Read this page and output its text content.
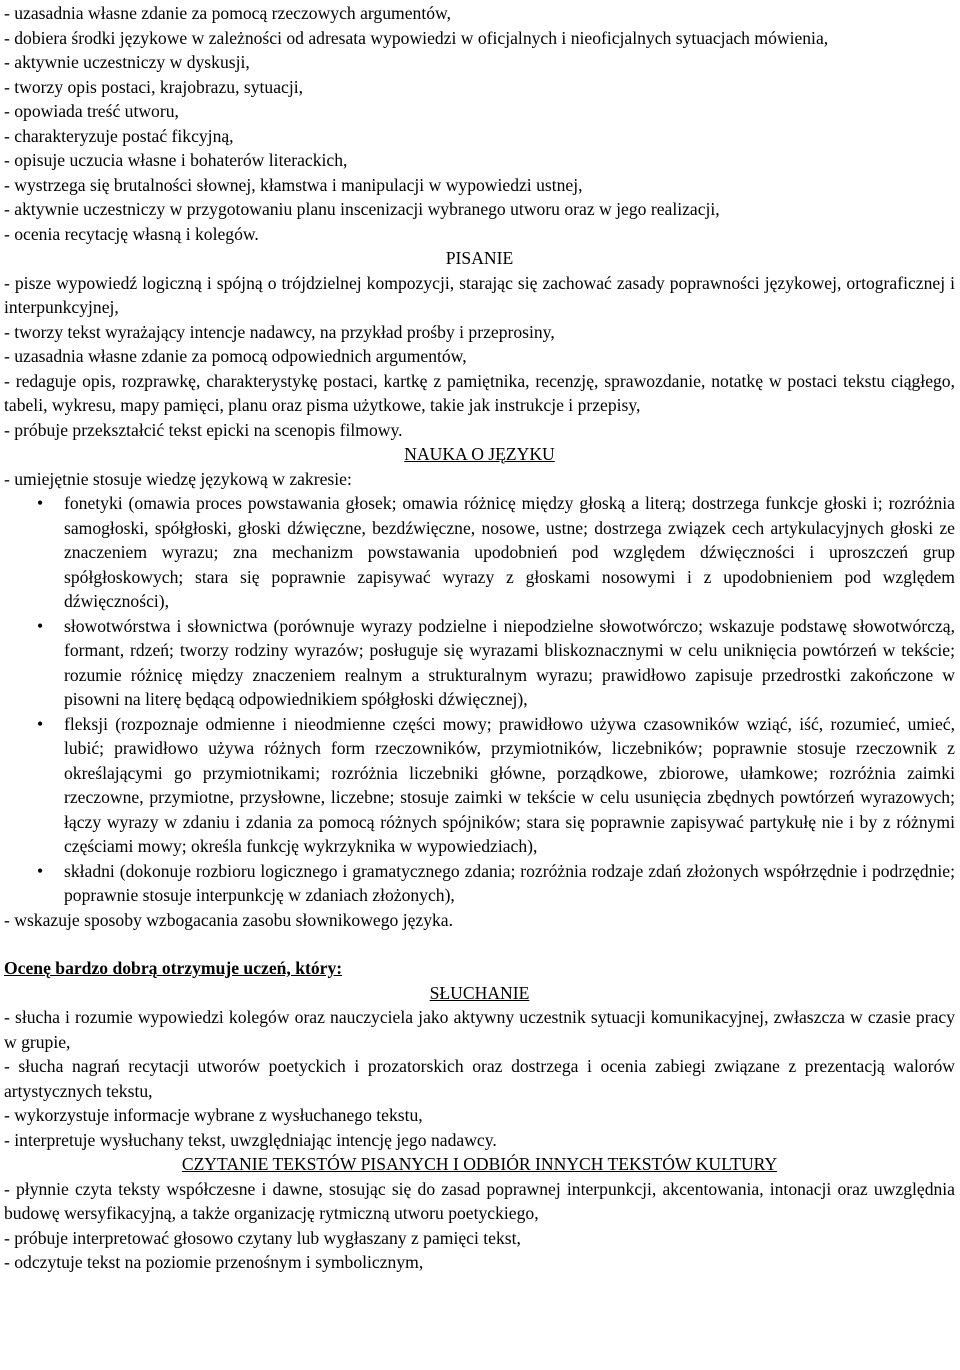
- uzasadnia własne zdanie za pomocą rzeczowych argumentów,

- dobiera środki językowe w zależności od adresata wypowiedzi w oficjalnych i nieoficjalnych sytuacjach mówienia,

- aktywnie uczestniczy w dyskusji,

- tworzy opis postaci, krajobrazu, sytuacji,

- opowiada treść utworu,

- charakteryzuje postać fikcyjną,

- opisuje uczucia własne i bohaterów literackich,

- wystrzega się brutalności słownej, kłamstwa i manipulacji w wypowiedzi ustnej,

- aktywnie uczestniczy w przygotowaniu planu inscenizacji wybranego utworu oraz w jego realizacji,

- ocenia recytację własną i kolegów.

PISANIE

- pisze wypowiedź logiczną i spójną o trójdzielnej kompozycji, starając się zachować zasady poprawności językowej, ortograficznej i interpunkcyjnej,

- tworzy tekst wyrażający intencje nadawcy, na przykład prośby i przeprosiny,

- uzasadnia własne zdanie za pomocą odpowiednich argumentów,

- redaguje opis, rozprawkę, charakterystykę postaci, kartkę z pamiętnika, recenzję, sprawozdanie, notatkę w postaci tekstu ciągłego, tabeli, wykresu, mapy pamięci, planu oraz pisma użytkowe, takie jak instrukcje i przepisy,

- próbuje przekształcić tekst epicki na scenopis filmowy.

NAUKA O JĘZYKU

- umiejętnie stosuje wiedzę językową w zakresie:

• fonetyki (omawia proces powstawania głosek; omawia różnicę między głoską a literą; dostrzega funkcje głoski i; rozróżnia samogłoski, spółgłoski, głoski dźwięczne, bezdźwięczne, nosowe, ustne; dostrzega związek cech artykulacyjnych głoski ze znaczeniem wyrazu; zna mechanizm powstawania upodobnień pod względem dźwięczności i uproszczeń grup spółgłoskowych; stara się poprawnie zapisywać wyrazy z głoskami nosowymi i z upodobnieniem pod względem dźwięczności),
• słowotwórstwa i słownictwa (porównuje wyrazy podzielne i niepodzielne słowotwórczo; wskazuje podstawę słowotwórczą, formant, rdzeń; tworzy rodziny wyrazów; posługuje się wyrazami bliskoznacznymi w celu uniknięcia powtórzeń w tekście; rozumie różnicę między znaczeniem realnym a strukturalnym wyrazu; prawidłowo zapisuje przedrostki zakończone w pisowni na literę będącą odpowiednikiem spółgłoski dźwięcznej),
• fleksji (rozpoznaje odmienne i nieodmienne części mowy; prawidłowo używa czasowników wziąć, iść, rozumieć, umieć, lubić; prawidłowo używa różnych form rzeczowników, przymiotników, liczebników; poprawnie stosuje rzeczownik z określającymi go przymiotnikami; rozróżnia liczebniki główne, porządkowe, zbiorowe, ułamkowe; rozróżnia zaimki rzeczowne, przymiotne, przysłowne, liczebne; stosuje zaimki w tekście w celu usunięcia zbędnych powtórzeń wyrazowych; łączy wyrazy w zdaniu i zdania za pomocą różnych spójników; stara się poprawnie zapisywać partykułę nie i by z różnymi częściami mowy; określa funkcję wykrzyknika w wypowiedziach),
• składni (dokonuje rozbioru logicznego i gramatycznego zdania; rozróżnia rodzaje zdań złożonych współrzędnie i podrzędnie; poprawnie stosuje interpunkcję w zdaniach złożonych),

- wskazuje sposoby wzbogacania zasobu słownikowego języka.

Ocenę bardzo dobrą otrzymuje uczeń, który:

SŁUCHANIE

- słucha i rozumie wypowiedzi kolegów oraz nauczyciela jako aktywny uczestnik sytuacji komunikacyjnej, zwłaszcza w czasie pracy w grupie,

- słucha nagrań recytacji utworów poetyckich i prozatorskich oraz dostrzega i ocenia zabiegi związane z prezentacją walorów artystycznych tekstu,

- wykorzystuje informacje wybrane z wysłuchanego tekstu,

- interpretuje wysłuchany tekst, uwzględniając intencję jego nadawcy.

CZYTANIE TEKSTÓW PISANYCH I ODBIÓR INNYCH TEKSTÓW KULTURY

- płynnie czyta teksty współczesne i dawne, stosując się do zasad poprawnej interpunkcji, akcentowania, intonacji oraz uwzględnia budowę wersyfikacyjną, a także organizację rytmiczną utworu poetyckiego,

- próbuje interpretować głosowo czytany lub wygłaszany z pamięci tekst,

- odczytuje tekst na poziomie przenośnym i symbolicznym,
